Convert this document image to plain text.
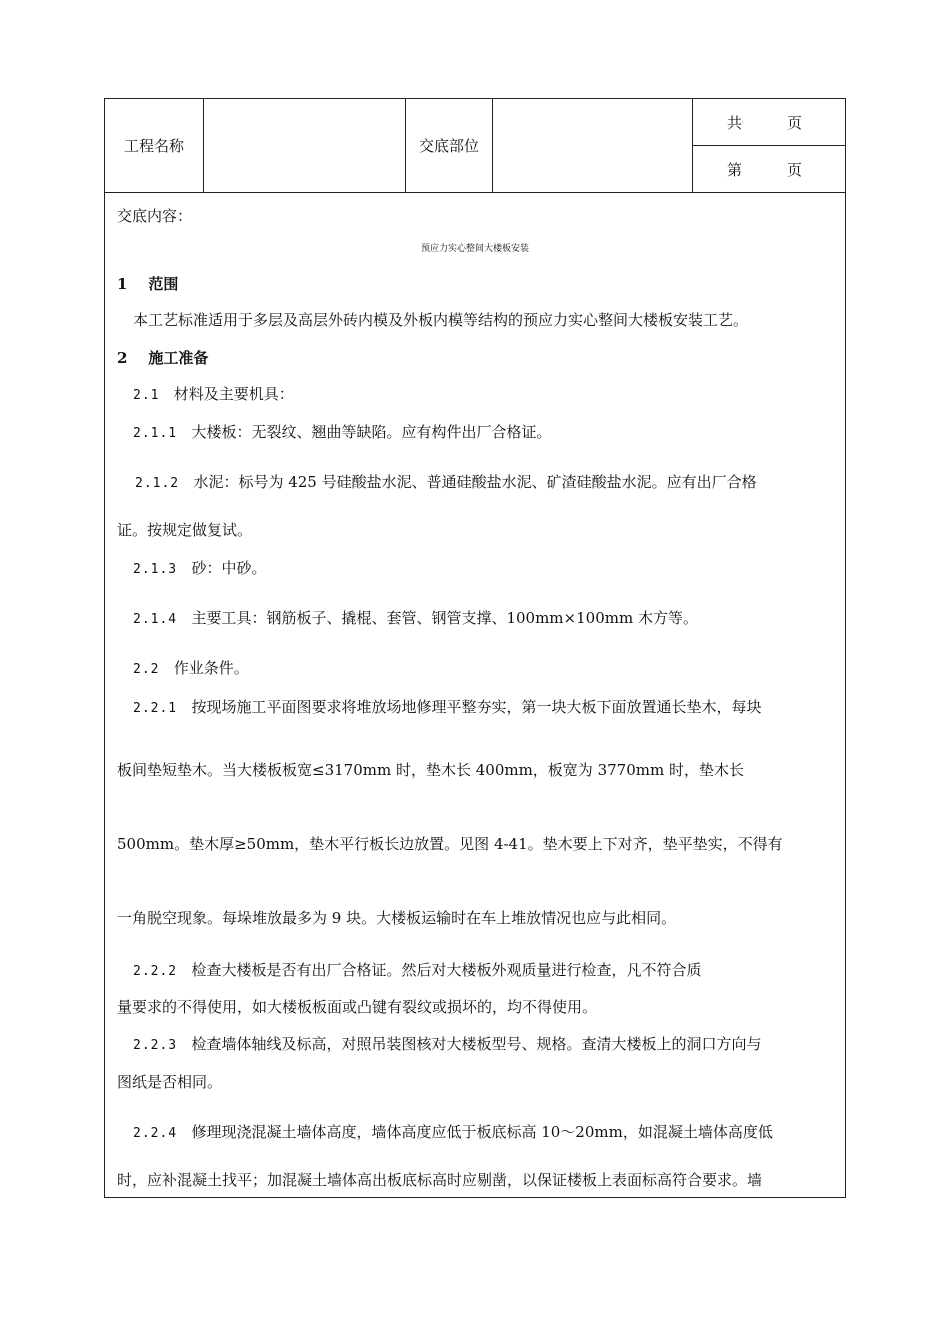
工程名称	交底部位
共　　　页
第　　　页
交底内容：
预应力实心整间大楼板安装
1 范围
本工艺标准适用于多层及高层外砖内模及外板内模等结构的预应力实心整间大楼板安装工艺。
2 施工准备
2.1 材料及主要机具：
2.1.1 大楼板：无裂纹、翘曲等缺陷。应有构件出厂合格证。
2.1.2 水泥：标号为 425 号硅酸盐水泥、普通硅酸盐水泥、矿渣硅酸盐水泥。应有出厂合格
证。按规定做复试。
2.1.3 砂：中砂。
2.1.4 主要工具：钢筋板子、撬棍、套管、钢管支撑、100mm×100mm 木方等。
2.2 作业条件。
2.2.1 按现场施工平面图要求将堆放场地修理平整夯实，第一块大板下面放置通长垫木，每块
板间垫短垫木。当大楼板板宽≤3170mm 时，垫木长 400mm，板宽为 3770mm 时，垫木长
500mm。垫木厚≥50mm，垫木平行板长边放置。见图 4-41。垫木要上下对齐，垫平垫实，不得有
一角脱空现象。每垛堆放最多为 9 块。大楼板运输时在车上堆放情况也应与此相同。
2.2.2 检查大楼板是否有出厂合格证。然后对大楼板外观质量进行检查，凡不符合质
量要求的不得使用，如大楼板板面或凸键有裂纹或损坏的，均不得使用。
2.2.3 检查墙体轴线及标高，对照吊装图核对大楼板型号、规格。查清大楼板上的洞口方向与
图纸是否相同。
2.2.4 修理现浇混凝土墙体高度，墙体高度应低于板底标高 10～20mm，如混凝土墙体高度低
时，应补混凝土找平；加混凝土墙体高出板底标高时应剔凿，以保证楼板上表面标高符合要求。墙
